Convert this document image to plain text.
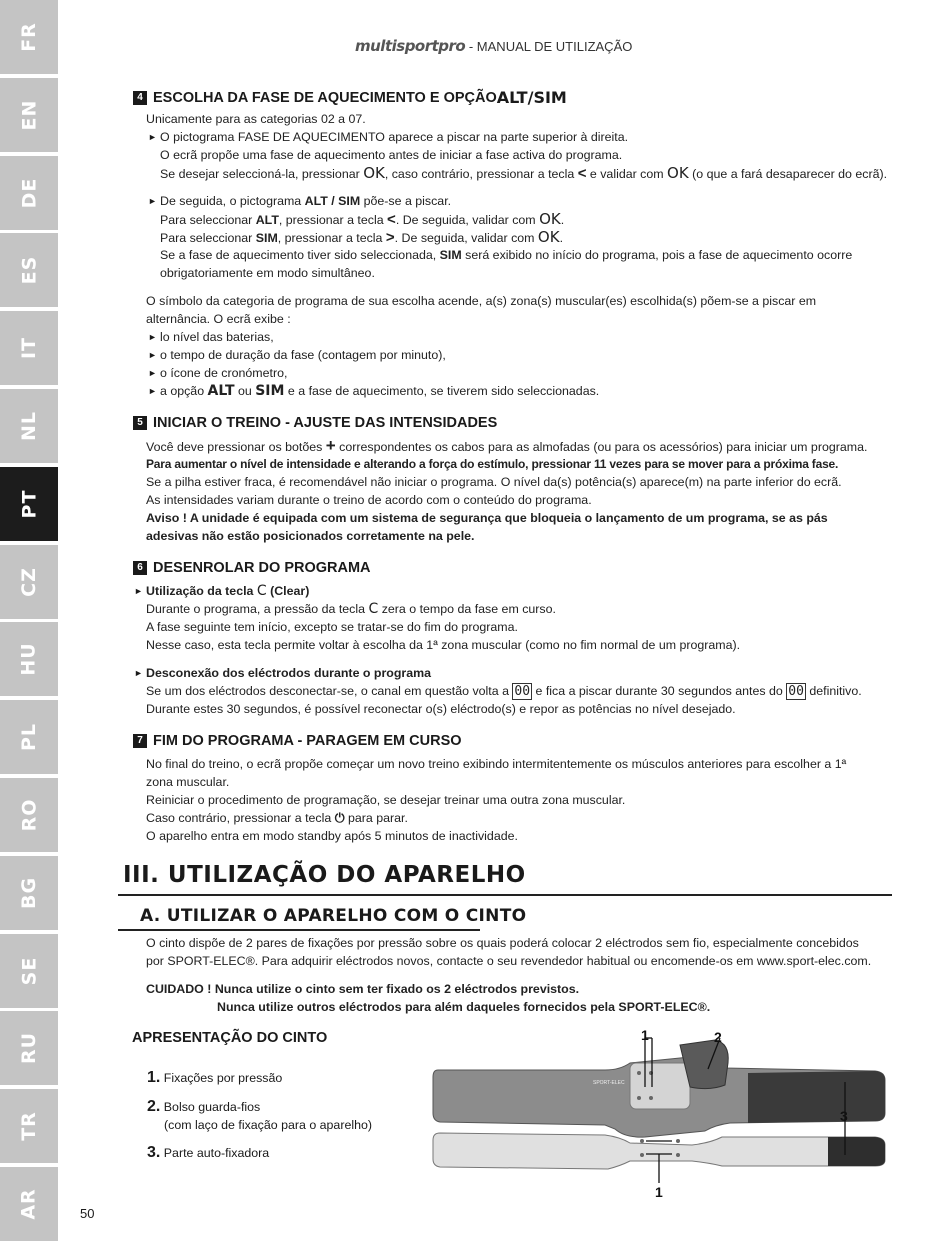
FR
EN
DE
ES
IT
NL
PT
CZ
HU
PL
RO
BG
SE
RU
TR
AR
multisportpro - MANUAL DE UTILIZAÇÃO
4 ESCOLHA DA FASE DE AQUECIMENTO E OPÇÃO ALT/SIM
Unicamente para as categorias 02 a 07.
► O pictograma FASE DE AQUECIMENTO aparece a piscar na parte superior à direita.
O ecrã propõe uma fase de aquecimento antes de iniciar a fase activa do programa.
Se desejar seleccioná-la, pressionar OK, caso contrário, pressionar a tecla < e validar com OK (o que a fará desaparecer do ecrã).
► De seguida, o pictograma ALT / SIM põe-se a piscar.
Para seleccionar ALT, pressionar a tecla <. De seguida, validar com OK.
Para seleccionar SIM, pressionar a tecla >. De seguida, validar com OK.
Se a fase de aquecimento tiver sido seleccionada, SIM será exibido no início do programa, pois a fase de aquecimento ocorre
obrigatoriamente em modo simultâneo.
O símbolo da categoria de programa de sua escolha acende, a(s) zona(s) muscular(es) escolhida(s) põem-se a piscar em
alternância. O ecrã exibe :
► lo nível das baterias,
► o tempo de duração da fase (contagem por minuto),
► o ícone de cronómetro,
► a opção ALT ou SIM e a fase de aquecimento, se tiverem sido seleccionadas.
5 INICIAR O TREINO - AJUSTE DAS INTENSIDADES
Você deve pressionar os botões + correspondentes os cabos para as almofadas (ou para os acessórios) para iniciar um programa.
Para aumentar o nível de intensidade e alterando a força do estímulo, pressionar 11 vezes para se mover para a próxima fase.
Se a pilha estiver fraca, é recomendável não iniciar o programa. O nível da(s) potência(s) aparece(m) na parte inferior do ecrã.
As intensidades variam durante o treino de acordo com o conteúdo do programa.
Aviso ! A unidade é equipada com um sistema de segurança que bloqueia o lançamento de um programa, se as pás
adesivas não estão posicionados corretamente na pele.
6 DESENROLAR DO PROGRAMA
► Utilização da tecla C (Clear)
Durante o programa, a pressão da tecla C zera o tempo da fase em curso.
A fase seguinte tem início, excepto se tratar-se do fim do programa.
Nesse caso, esta tecla permite voltar à escolha da 1ª zona muscular (como no fim normal de um programa).
► Desconexão dos eléctrodos durante o programa
Se um dos eléctrodos desconectar-se, o canal em questão volta a 00 e fica a piscar durante 30 segundos antes do 00 definitivo.
Durante estes 30 segundos, é possível reconectar o(s) eléctrodo(s) e repor as potências no nível desejado.
7 FIM DO PROGRAMA - PARAGEM EM CURSO
No final do treino, o ecrã propõe começar um novo treino exibindo intermitentemente os músculos anteriores para escolher a 1ª
zona muscular.
Reiniciar o procedimento de programação, se desejar treinar uma outra zona muscular.
Caso contrário, pressionar a tecla ⏻ para parar.
O aparelho entra em modo standby após 5 minutos de inactividade.
III. UTILIZAÇÃO DO APARELHO
A. UTILIZAR O APARELHO COM O CINTO
O cinto dispõe de 2 pares de fixações por pressão sobre os quais poderá colocar 2 eléctrodos sem fio, especialmente concebidos
por SPORT-ELEC®. Para adquirir eléctrodos novos, contacte o seu revendedor habitual ou encomende-os em www.sport-elec.com.
CUIDADO ! Nunca utilize o cinto sem ter fixado os 2 eléctrodos previstos.
Nunca utilize outros eléctrodos para além daqueles fornecidos pela SPORT-ELEC®.
APRESENTAÇÃO DO CINTO
1. Fixações por pressão
2. Bolso guarda-fios
(com laço de fixação para o aparelho)
3. Parte auto-fixadora
SPORT-ELEC
1	2
3
1
50
